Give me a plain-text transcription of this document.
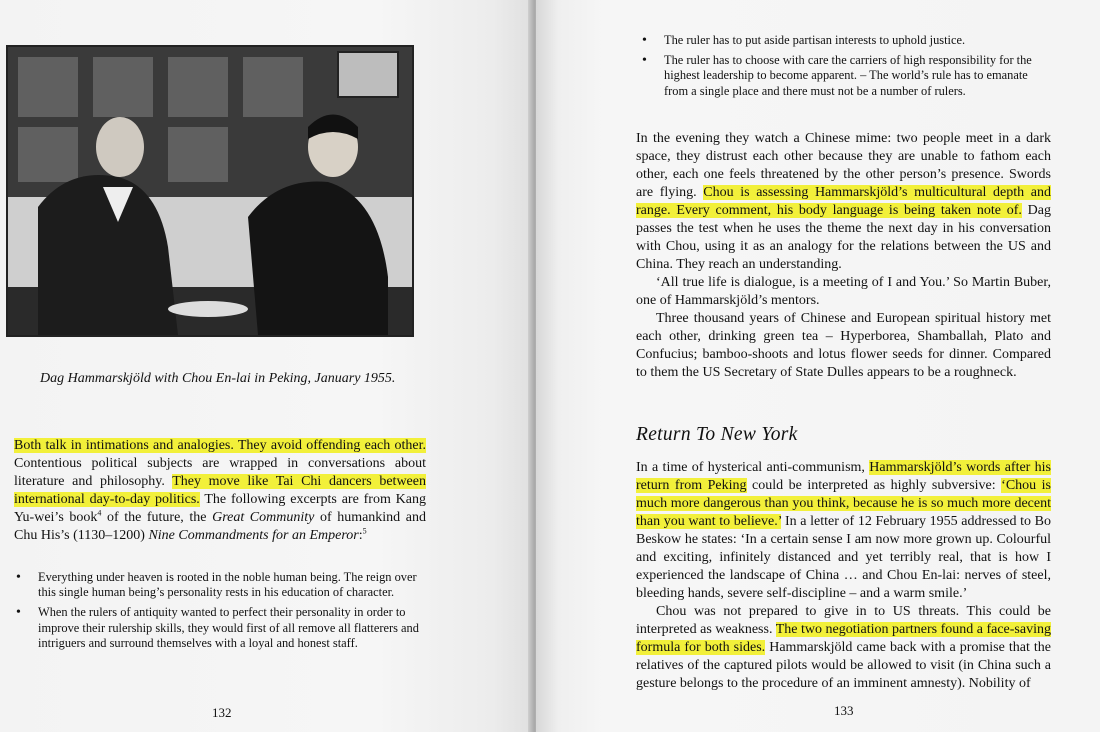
Dag Hammarskjöld with Chou En-lai in Peking, January 1955.
Both talk in intimations and analogies. They avoid offending each other. Contentious political subjects are wrapped in conversations about literature and philosophy. They move like Tai Chi dancers between international day-to-day politics. The following excerpts are from Kang Yu-wei’s book$^4$ of the future, the Great Community of humankind and Chu His’s (1130–1200) Nine Commandments for an Emperor:$^5$
• Everything under heaven is rooted in the noble human being. The reign over this single human being’s personality rests in his education of character.
• When the rulers of antiquity wanted to perfect their personality in order to improve their rulership skills, they would first of all remove all flatterers and intriguers and surround themselves with a loyal and honest staff.
132
• The ruler has to put aside partisan interests to uphold justice.
• The ruler has to choose with care the carriers of high responsibility for the highest leadership to become apparent. – The world’s rule has to emanate from a single place and there must not be a number of rulers.

In the evening they watch a Chinese mime: two people meet in a dark space, they distrust each other because they are unable to fathom each other, each one feels threatened by the other person’s presence. Swords are flying. Chou is assessing Hammarskjöld’s multicultural depth and range. Every comment, his body language is being taken note of. Dag passes the test when he uses the theme the next day in his conversation with Chou, using it as an analogy for the relations between the US and China. They reach an understanding.

‘All true life is dialogue, is a meeting of I and You.’ So Martin Buber, one of Hammarskjöld’s mentors.

Three thousand years of Chinese and European spiritual history met each other, drinking green tea – Hyperborea, Shamballah, Plato and Confucius; bamboo-shoots and lotus flower seeds for dinner. Compared to them the US Secretary of State Dulles appears to be a roughneck.

Return To New York

In a time of hysterical anti-communism, Hammarskjöld’s words after his return from Peking could be interpreted as highly subversive: ‘Chou is much more dangerous than you think, because he is so much more decent than you want to believe.’ In a letter of 12 February 1955 addressed to Bo Beskow he states: ‘In a certain sense I am now more grown up. Colourful and exciting, infinitely distanced and yet terribly real, that is how I experienced the landscape of China … and Chou En-lai: nerves of steel, bleeding hands, severe self-discipline – and a warm smile.’

Chou was not prepared to give in to US threats. This could be interpreted as weakness. The two negotiation partners found a face-saving formula for both sides. Hammarskjöld came back with a promise that the relatives of the captured pilots would be allowed to visit (in China such a gesture belongs to the procedure of an imminent amnesty). Nobility of

133
